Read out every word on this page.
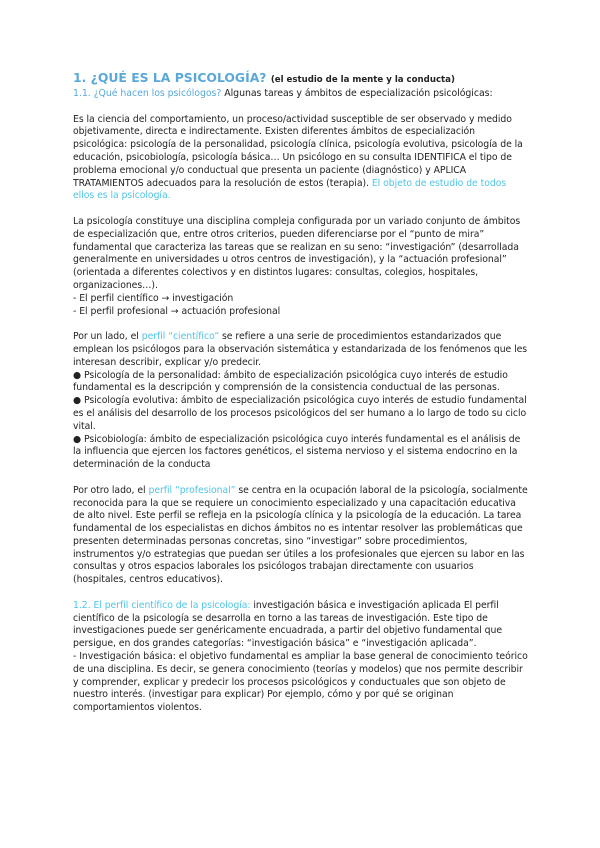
1. ¿QUÉ ES LA PSICOLOGÍA? (el estudio de la mente y la conducta)

1.1. ¿Qué hacen los psicólogos? Algunas tareas y ámbitos de especialización psicológicas:

Es la ciencia del comportamiento, un proceso/actividad susceptible de ser observado y medido objetivamente, directa e indirectamente. Existen diferentes ámbitos de especialización psicológica: psicología de la personalidad, psicología clínica, psicología evolutiva, psicología de la educación, psicobiología, psicología básica… Un psicólogo en su consulta IDENTIFICA el tipo de problema emocional y/o conductual que presenta un paciente (diagnóstico) y APLICA TRATAMIENTOS adecuados para la resolución de estos (terapia). El objeto de estudio de todos ellos es la psicología.

La psicología constituye una disciplina compleja configurada por un variado conjunto de ámbitos de especialización que, entre otros criterios, pueden diferenciarse por el “punto de mira” fundamental que caracteriza las tareas que se realizan en su seno: “investigación” (desarrollada generalmente en universidades u otros centros de investigación), y la “actuación profesional” (orientada a diferentes colectivos y en distintos lugares: consultas, colegios, hospitales, organizaciones…).

- El perfil científico → investigación

- El perfil profesional → actuación profesional

Por un lado, el perfil “científico” se refiere a una serie de procedimientos estandarizados que emplean los psicólogos para la observación sistemática y estandarizada de los fenómenos que les interesan describir, explicar y/o predecir.

● Psicología de la personalidad: ámbito de especialización psicológica cuyo interés de estudio fundamental es la descripción y comprensión de la consistencia conductual de las personas.

● Psicología evolutiva: ámbito de especialización psicológica cuyo interés de estudio fundamental es el análisis del desarrollo de los procesos psicológicos del ser humano a lo largo de todo su ciclo vital.

● Psicobiología: ámbito de especialización psicológica cuyo interés fundamental es el análisis de la influencia que ejercen los factores genéticos, el sistema nervioso y el sistema endocrino en la determinación de la conducta

Por otro lado, el perfil “profesional” se centra en la ocupación laboral de la psicología, socialmente reconocida para la que se requiere un conocimiento especializado y una capacitación educativa de alto nivel. Este perfil se refleja en la psicología clínica y la psicología de la educación. La tarea fundamental de los especialistas en dichos ámbitos no es intentar resolver las problemáticas que presenten determinadas personas concretas, sino “investigar” sobre procedimientos, instrumentos y/o estrategias que puedan ser útiles a los profesionales que ejercen su labor en las consultas y otros espacios laborales los psicólogos trabajan directamente con usuarios (hospitales, centros educativos).

1.2. El perfil científico de la psicología: investigación básica e investigación aplicada El perfil científico de la psicología se desarrolla en torno a las tareas de investigación. Este tipo de investigaciones puede ser genéricamente encuadrada, a partir del objetivo fundamental que persigue, en dos grandes categorías: “investigación básica” e “investigación aplicada”.

- Investigación básica: el objetivo fundamental es ampliar la base general de conocimiento teórico de una disciplina. Es decir, se genera conocimiento (teorías y modelos) que nos permite describir y comprender, explicar y predecir los procesos psicológicos y conductuales que son objeto de nuestro interés. (investigar para explicar) Por ejemplo, cómo y por qué se originan comportamientos violentos.
